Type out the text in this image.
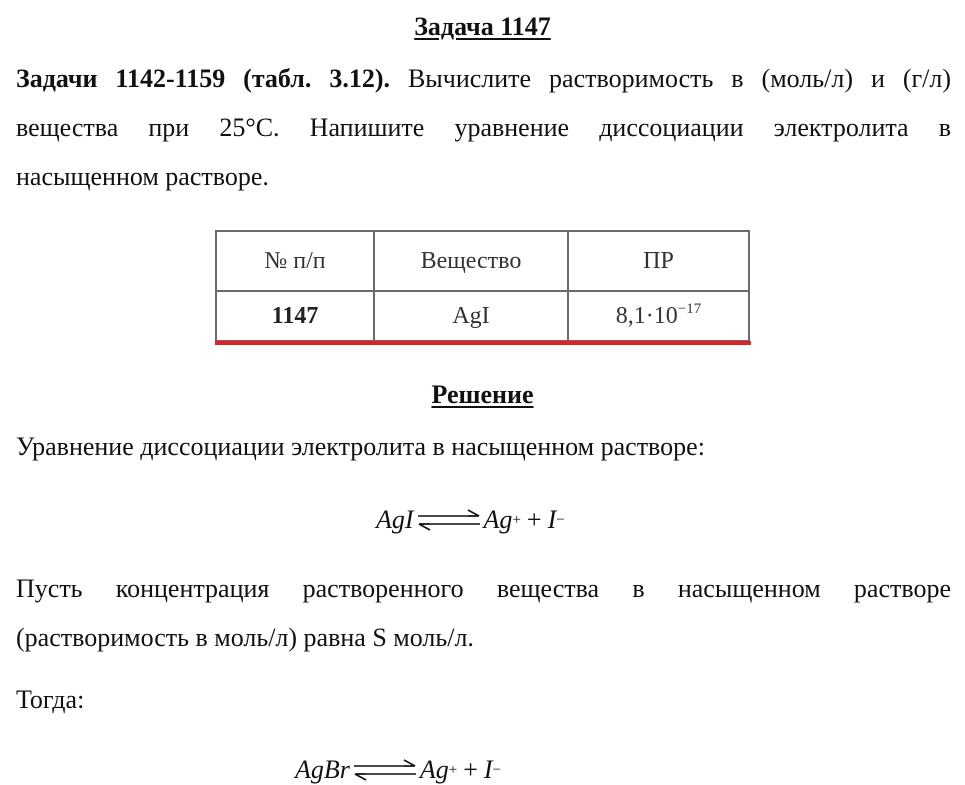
Задача 1147
Задачи 1142-1159 (табл. 3.12). Вычислите растворимость в (моль/л) и (г/л)
вещества при 25°С. Напишите уравнение диссоциации электролита в
насыщенном растворе.
№ п/п	Вещество	ПР
1147	AgI	$8,1\cdot 10^{-17}$
Решение
Уравнение диссоциации электролита в насыщенном растворе:
AgI ⇌ Ag + + I −
Пусть концентрация растворенного вещества в насыщенном растворе
(растворимость в моль/л) равна S моль/л.
Тогда:
AgBr ⇌ Ag + + I −
